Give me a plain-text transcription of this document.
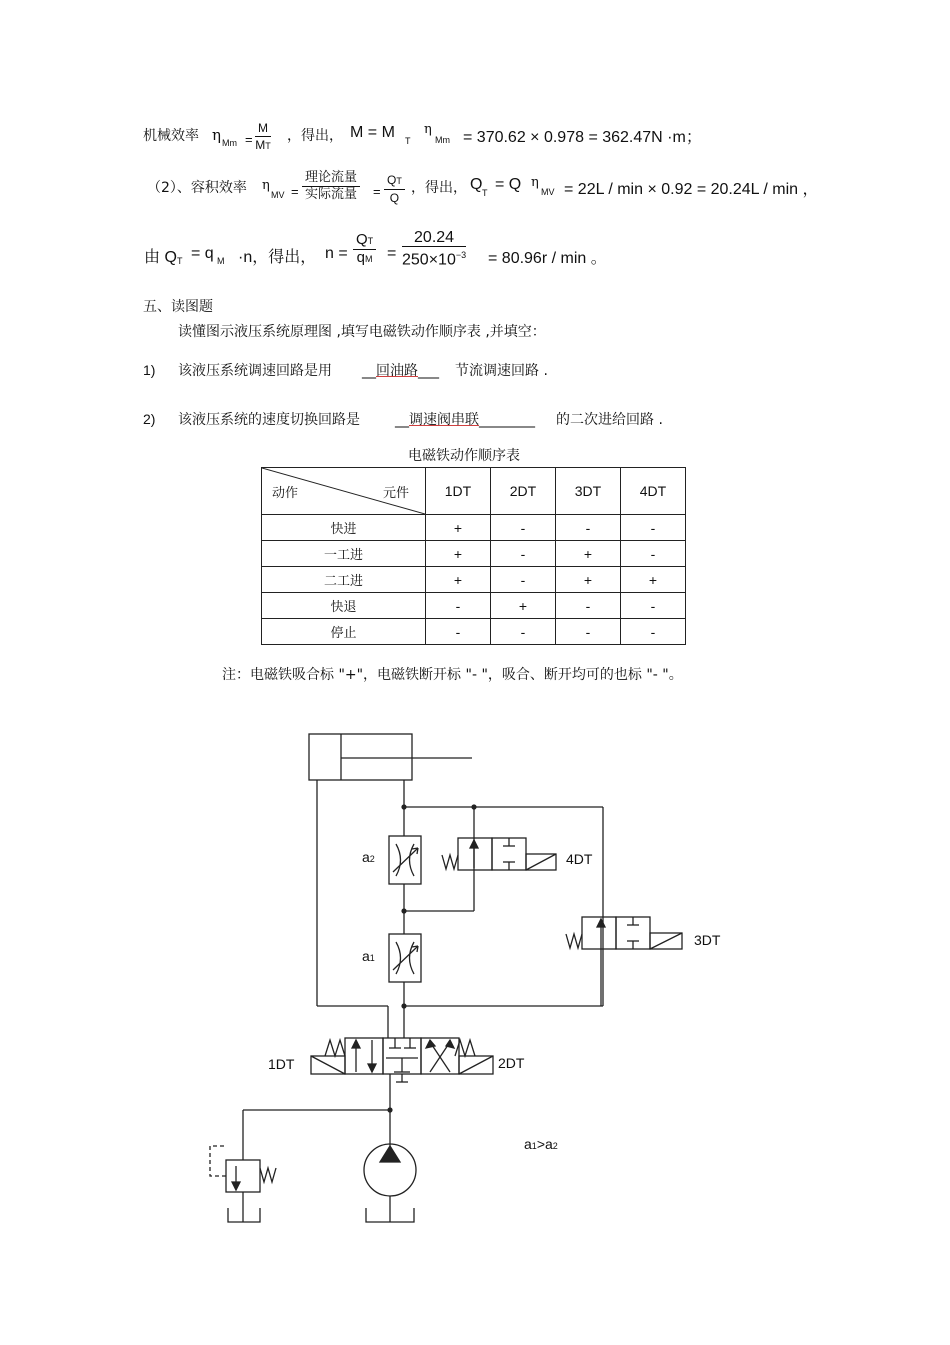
机械效率 η $Mm = \frac{M}{MT}$ ，得出， M = M T
η
Mm = 370.62 × 0.978 = 362.47N ·m；
（2）、容积效率 η
MV =
理论流量
实际流量 = $\frac{QT}{Q}$ ，得出， Q T = Q η
MV = 22L / min × 0.92 = 20.24L / min ，
由 Q T = q M ·n，得出， $n = \frac{QT}{qM} = \frac{20.24}{250\times 10^{-3}} = 80.96r / \min$ 。
五、读图题
读懂图示液压系统原理图 ,填写电磁铁动作顺序表 ,并填空：
1) 该液压系统调速回路是用 __回油路___ 节流调速回路 .
2) 该液压系统的速度切换回路是	__调速阀串联________ 的二次进给回路 .
电磁铁动作顺序表
动作 元件	1DT	2DT	3DT	4DT
快进	+	-	-	-
一工进	+	-	+	-
二工进	+	-	+	+
快退	-	+	-	-
停止	-	-	-	-
注：电磁铁吸合标 "+"，电磁铁断开标 "- "，吸合、断开均可的也标 "- "。
a2
a1
4DT
3DT
1DT	2DT
a1>a2
